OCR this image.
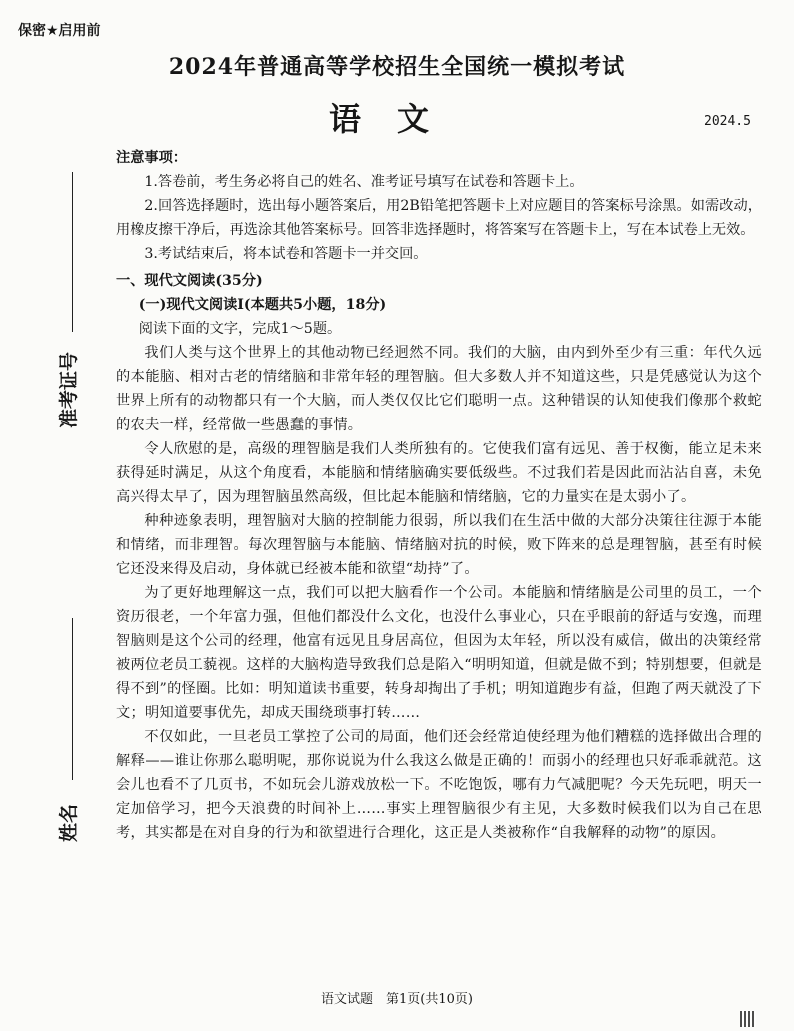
保密★启用前
2024年普通高等学校招生全国统一模拟考试
语文	2024.5
准考证号
姓名

注意事项：

1.答卷前，考生务必将自己的姓名、准考证号填写在试卷和答题卡上。

2.回答选择题时，选出每小题答案后，用2B铅笔把答题卡上对应题目的答案标号涂黑。如需改动，用橡皮擦干净后，再选涂其他答案标号。回答非选择题时，将答案写在答题卡上，写在本试卷上无效。

3.考试结束后，将本试卷和答题卡一并交回。

一、现代文阅读(35分)

(一)现代文阅读Ⅰ(本题共5小题，18分)

阅读下面的文字，完成1～5题。

我们人类与这个世界上的其他动物已经迥然不同。我们的大脑，由内到外至少有三重：年代久远的本能脑、相对古老的情绪脑和非常年轻的理智脑。但大多数人并不知道这些，只是凭感觉认为这个世界上所有的动物都只有一个大脑，而人类仅仅比它们聪明一点。这种错误的认知使我们像那个救蛇的农夫一样，经常做一些愚蠢的事情。

令人欣慰的是，高级的理智脑是我们人类所独有的。它使我们富有远见、善于权衡，能立足未来获得延时满足，从这个角度看，本能脑和情绪脑确实要低级些。不过我们若是因此而沾沾自喜，未免高兴得太早了，因为理智脑虽然高级，但比起本能脑和情绪脑，它的力量实在是太弱小了。

种种迹象表明，理智脑对大脑的控制能力很弱，所以我们在生活中做的大部分决策往往源于本能和情绪，而非理智。每次理智脑与本能脑、情绪脑对抗的时候，败下阵来的总是理智脑，甚至有时候它还没来得及启动，身体就已经被本能和欲望“劫持”了。

为了更好地理解这一点，我们可以把大脑看作一个公司。本能脑和情绪脑是公司里的员工，一个资历很老，一个年富力强，但他们都没什么文化，也没什么事业心，只在乎眼前的舒适与安逸，而理智脑则是这个公司的经理，他富有远见且身居高位，但因为太年轻，所以没有威信，做出的决策经常被两位老员工藐视。这样的大脑构造导致我们总是陷入“明明知道，但就是做不到；特别想要，但就是得不到”的怪圈。比如：明知道读书重要，转身却掏出了手机；明知道跑步有益，但跑了两天就没了下文；明知道要事优先，却成天围绕琐事打转……

不仅如此，一旦老员工掌控了公司的局面，他们还会经常迫使经理为他们糟糕的选择做出合理的解释——谁让你那么聪明呢，那你说说为什么我这么做是正确的！而弱小的经理也只好乖乖就范。这会儿也看不了几页书，不如玩会儿游戏放松一下。不吃饱饭，哪有力气减肥呢？今天先玩吧，明天一定加倍学习，把今天浪费的时间补上……事实上理智脑很少有主见，大多数时候我们以为自己在思考，其实都是在对自身的行为和欲望进行合理化，这正是人类被称作“自我解释的动物”的原因。

语文试题　第1页(共10页)
